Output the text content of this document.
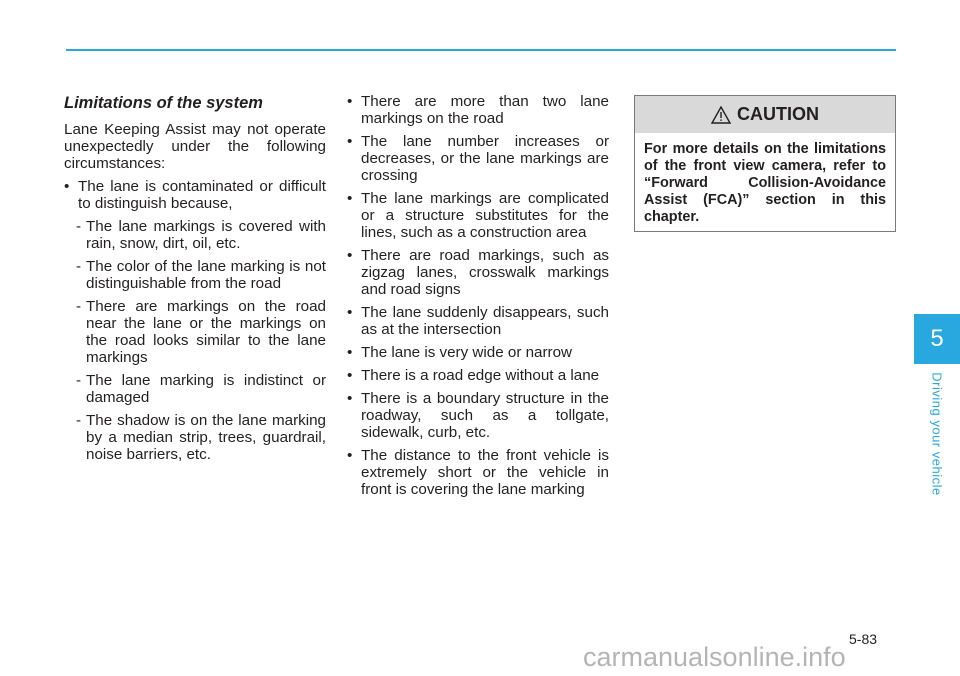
Limitations of the system

Lane Keeping Assist may not operate unexpectedly under the following circumstances:

• The lane is contaminated or difficult to distinguish because,
- The lane markings is covered with rain, snow, dirt, oil, etc.
- The color of the lane marking is not distinguishable from the road
- There are markings on the road near the lane or the markings on the road looks similar to the lane markings
- The lane marking is indistinct or damaged
- The shadow is on the lane marking by a median strip, trees, guardrail, noise barriers, etc.
• There are more than two lane markings on the road
• The lane number increases or decreases, or the lane markings are crossing
• The lane markings are complicated or a structure substitutes for the lines, such as a construction area
• There are road markings, such as zigzag lanes, crosswalk markings and road signs
• The lane suddenly disappears, such as at the intersection
• The lane is very wide or narrow
• There is a road edge without a lane
• There is a boundary structure in the roadway, such as a tollgate, sidewalk, curb, etc.
• The distance to the front vehicle is extremely short or the vehicle in front is covering the lane marking
CAUTION
For more details on the limitations of the front view camera, refer to “Forward Collision-Avoidance Assist (FCA)” section in this chapter.
5
Driving your vehicle
5-83
carmanualsonline.info
